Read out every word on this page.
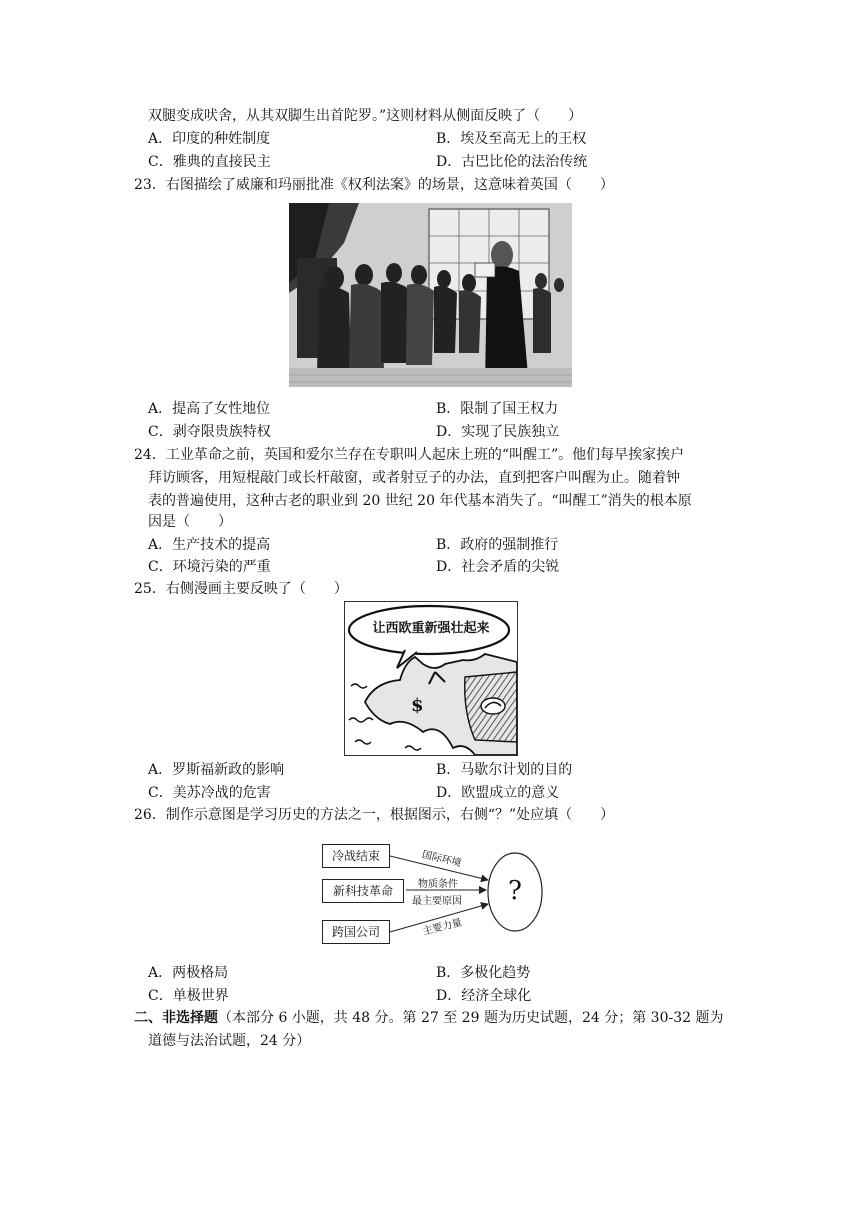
双腿变成吠舍，从其双脚生出首陀罗。”这则材料从侧面反映了（　　）
A．印度的种姓制度	B．埃及至高无上的王权
C．雅典的直接民主	D．古巴比伦的法治传统
23．右图描绘了威廉和玛丽批准《权利法案》的场景，这意味着英国（　　）
A．提高了女性地位	B．限制了国王权力
C．剥夺限贵族特权	D．实现了民族独立
24．工业革命之前，英国和爱尔兰存在专职叫人起床上班的“叫醒工”。他们每早挨家挨户
拜访顾客，用短棍敲门或长杆敲窗，或者射豆子的办法，直到把客户叫醒为止。随着钟
表的普遍使用，这种古老的职业到 20 世纪 20 年代基本消失了。“叫醒工”消失的根本原
因是（　　）
A．生产技术的提高	B．政府的强制推行
C．环境污染的严重	D．社会矛盾的尖锐
25．右侧漫画主要反映了（　　）
让西欧重新强壮起来
$
A．罗斯福新政的影响	B．马歇尔计划的目的
C．美苏冷战的危害	D．欧盟成立的意义
26．制作示意图是学习历史的方法之一，根据图示，右侧“？”处应填（　　）
冷战结束
新科技革命
跨国公司
国际环境
物质条件
最主要原因
主要力量
?
A．两极格局	B．多极化趋势
C．单极世界	D．经济全球化
二、非选择题（本部分 6 小题，共 48 分。第 27 至 29 题为历史试题，24 分；第 30-32 题为
道德与法治试题，24 分）
